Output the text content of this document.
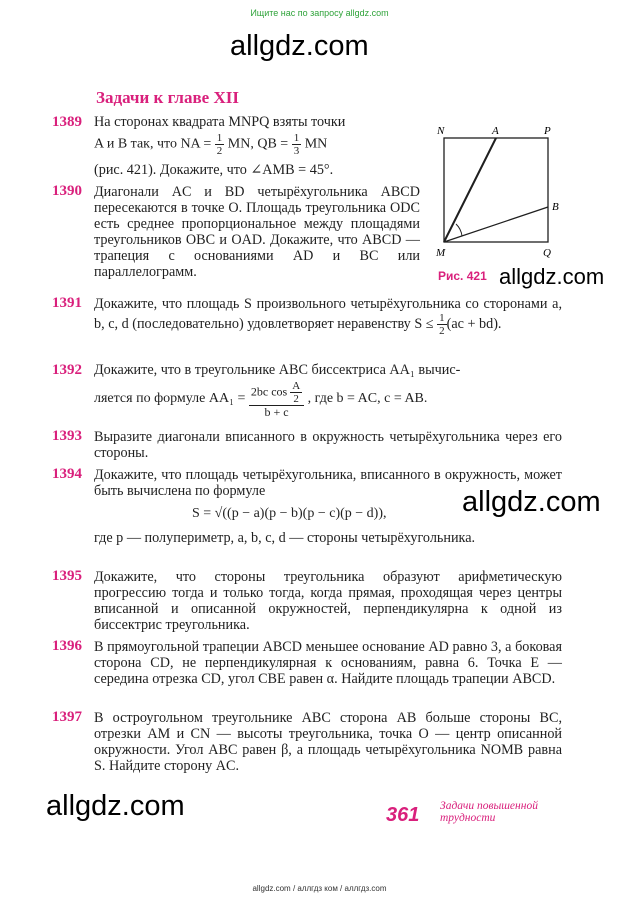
Ищите нас по запросу allgdz.com
allgdz.com
allgdz.com
allgdz.com
allgdz.com
Задачи к главе XII
N	A	P
B
M	Q
Рис. 421
1389 На сторонах квадрата MNPQ взяты точки
A и B так, что NA = $\frac{1}{2}$ MN, QB = $\frac{1}{3}$ MN
(рис. 421). Докажите, что ∠AMB = 45°.
1390 Диагонали AC и BD четырёхугольника ABCD пересекаются в точке O. Площадь треугольника ODC есть среднее пропорциональное между площадями треугольников OBC и OAD. Докажите, что ABCD — трапеция с основаниями AD и BC или параллелограмм.
1391 Докажите, что площадь S произвольного четырёхугольника со сторонами a, b, c, d (последовательно) удовлетворяет неравенству $S \le \frac{1}{2} (ac + bd)$.
1392 Докажите, что в треугольнике ABC биссектриса AA₁ вычис-
ляется по формуле $AA_1 = \frac{2bc \cos \frac{A}{2}}{b + c}$ , где b = AC, c = AB.
1393 Выразите диагонали вписанного в окружность четырёхугольника через его стороны.
1394 Докажите, что площадь четырёхугольника, вписанного в окружность, может быть вычислена по формуле
S = √((p − a)(p − b)(p − c)(p − d)),
где p — полупериметр, a, b, c, d — стороны четырёхугольника.
1395 Докажите, что стороны треугольника образуют арифметическую прогрессию тогда и только тогда, когда прямая, проходящая через центры вписанной и описанной окружностей, перпендикулярна к одной из биссектрис треугольника.
1396 В прямоугольной трапеции ABCD меньшее основание AD равно 3, а боковая сторона CD, не перпендикулярная к основаниям, равна 6. Точка E — середина отрезка CD, угол CBE равен α. Найдите площадь трапеции ABCD.
1397 В остроугольном треугольнике ABC сторона AB больше стороны BC, отрезки AM и CN — высоты треугольника, точка O — центр описанной окружности. Угол ABC равен β, а площадь четырёхугольника NOMB равна S. Найдите сторону AC.
361 Задачи повышенной трудности
allgdz.com / аллгдз ком / аллгдз.com
